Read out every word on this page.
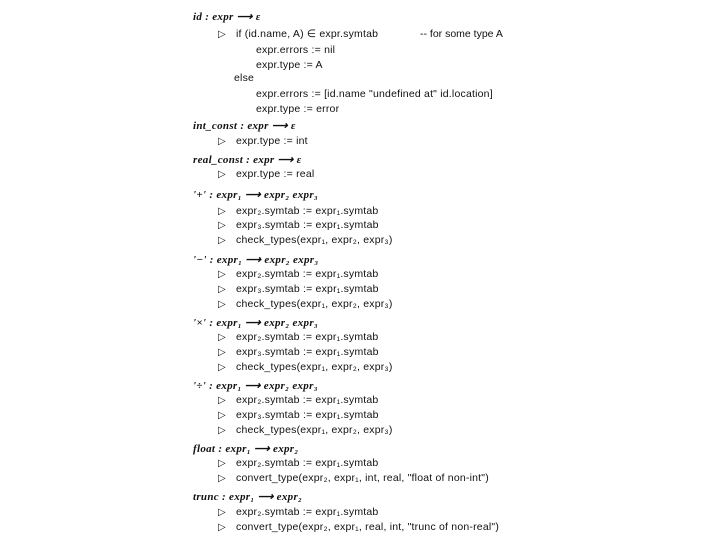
-- for some type A
id : expr ⟶ ε
▷ if (id.name, A) ∈ expr.symtab
expr.errors := nil
expr.type := A
else
expr.errors := [id.name "undefined at" id.location]
expr.type := error
int_const : expr ⟶ ε
▷ expr.type := int
real_const : expr ⟶ ε
▷ expr.type := real
'+' : expr₁ ⟶ expr₂ expr₃
▷ expr₂.symtab := expr₁.symtab
▷ expr₃.symtab := expr₁.symtab
▷ check_types(expr₁, expr₂, expr₃)
'−' : expr₁ ⟶ expr₂ expr₃
▷ expr₂.symtab := expr₁.symtab
▷ expr₃.symtab := expr₁.symtab
▷ check_types(expr₁, expr₂, expr₃)
'×' : expr₁ ⟶ expr₂ expr₃
▷ expr₂.symtab := expr₁.symtab
▷ expr₃.symtab := expr₁.symtab
▷ check_types(expr₁, expr₂, expr₃)
'÷' : expr₁ ⟶ expr₂ expr₃
▷ expr₂.symtab := expr₁.symtab
▷ expr₃.symtab := expr₁.symtab
▷ check_types(expr₁, expr₂, expr₃)
float : expr₁ ⟶ expr₂
▷ expr₂.symtab := expr₁.symtab
▷ convert_type(expr₂, expr₁, int, real, "float of non-int")
trunc : expr₁ ⟶ expr₂
▷ expr₂.symtab := expr₁.symtab
▷ convert_type(expr₂, expr₁, real, int, "trunc of non-real")
